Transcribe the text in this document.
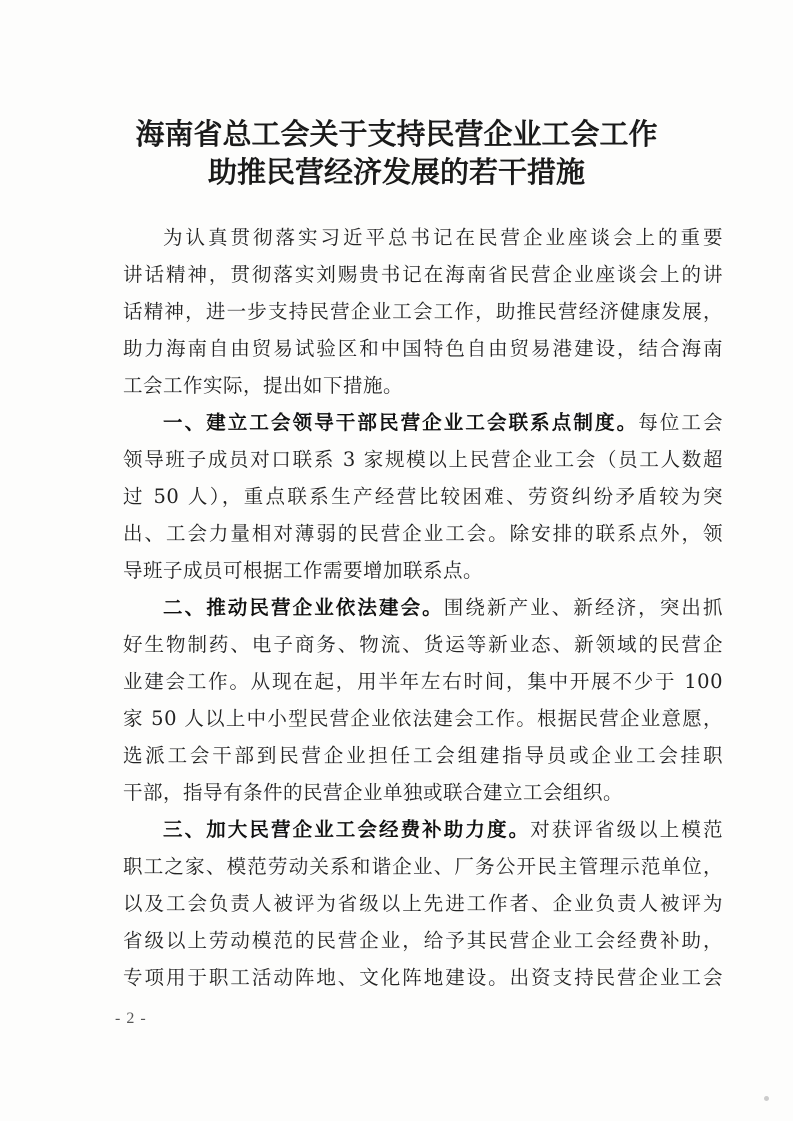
海南省总工会关于支持民营企业工会工作
助推民营经济发展的若干措施
为认真贯彻落实习近平总书记在民营企业座谈会上的重要
讲话精神，贯彻落实刘赐贵书记在海南省民营企业座谈会上的讲
话精神，进一步支持民营企业工会工作，助推民营经济健康发展，
助力海南自由贸易试验区和中国特色自由贸易港建设，结合海南
工会工作实际，提出如下措施。
一、建立工会领导干部民营企业工会联系点制度。每位工会
领导班子成员对口联系 3 家规模以上民营企业工会（员工人数超
过 50 人），重点联系生产经营比较困难、劳资纠纷矛盾较为突
出、工会力量相对薄弱的民营企业工会。除安排的联系点外，领
导班子成员可根据工作需要增加联系点。
二、推动民营企业依法建会。围绕新产业、新经济，突出抓
好生物制药、电子商务、物流、货运等新业态、新领域的民营企
业建会工作。从现在起，用半年左右时间，集中开展不少于 100
家 50 人以上中小型民营企业依法建会工作。根据民营企业意愿，
选派工会干部到民营企业担任工会组建指导员或企业工会挂职
干部，指导有条件的民营企业单独或联合建立工会组织。
三、加大民营企业工会经费补助力度。对获评省级以上模范
职工之家、模范劳动关系和谐企业、厂务公开民主管理示范单位，
以及工会负责人被评为省级以上先进工作者、企业负责人被评为
省级以上劳动模范的民营企业，给予其民营企业工会经费补助，
专项用于职工活动阵地、文化阵地建设。出资支持民营企业工会
- 2 -
